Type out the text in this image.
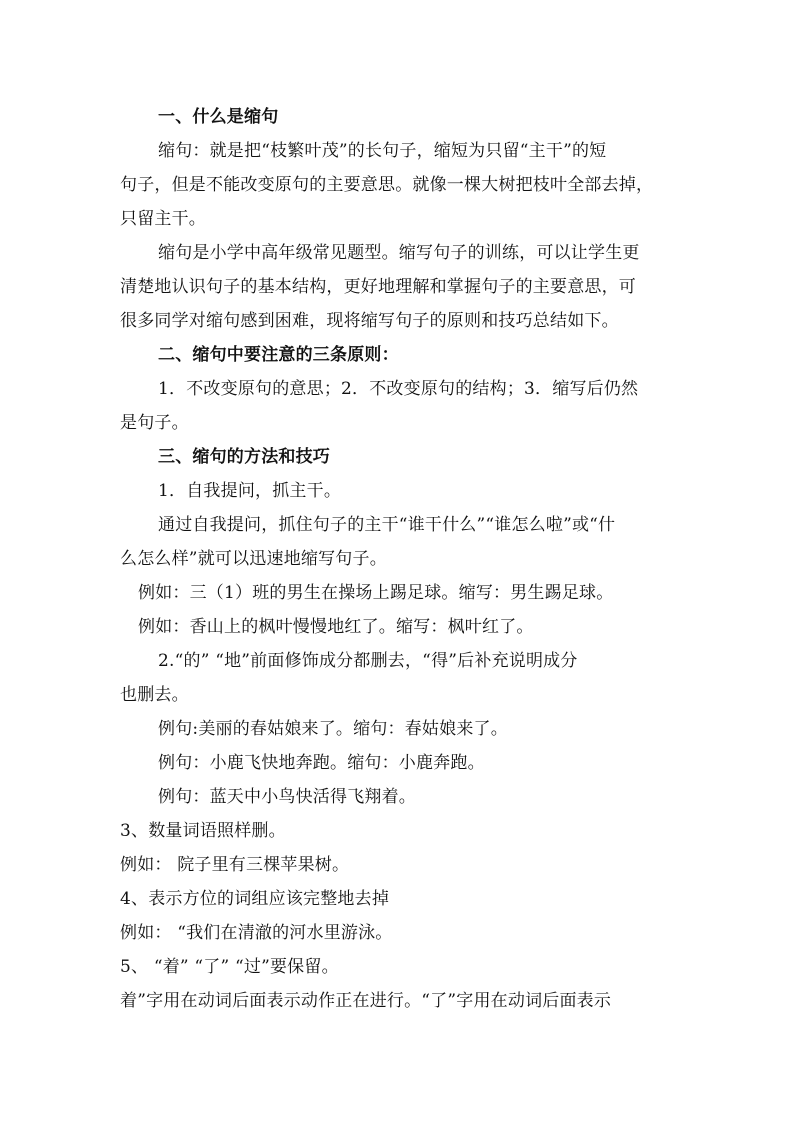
一、什么是缩句
缩句：就是把“枝繁叶茂”的长句子，缩短为只留“主干”的短
句子，但是不能改变原句的主要意思。就像一棵大树把枝叶全部去掉，
只留主干。
缩句是小学中高年级常见题型。缩写句子的训练，可以让学生更
清楚地认识句子的基本结构，更好地理解和掌握句子的主要意思，可
很多同学对缩句感到困难，现将缩写句子的原则和技巧总结如下。
二、缩句中要注意的三条原则：
1．不改变原句的意思；2．不改变原句的结构；3．缩写后仍然
是句子。
三、缩句的方法和技巧
1．自我提问，抓主干。
通过自我提问，抓住句子的主干“谁干什么”“谁怎么啦”或“什
么怎么样”就可以迅速地缩写句子。
例如：三（1）班的男生在操场上踢足球。缩写：男生踢足球。
例如：香山上的枫叶慢慢地红了。缩写：枫叶红了。
2.“的” “地”前面修饰成分都删去，“得”后补充说明成分
也删去。
例句:美丽的春姑娘来了。缩句：春姑娘来了。
例句：小鹿飞快地奔跑。缩句：小鹿奔跑。
例句：蓝天中小鸟快活得飞翔着。
3、数量词语照样删。
例如： 院子里有三棵苹果树。
4、表示方位的词组应该完整地去掉
例如： “我们在清澈的河水里游泳。
5、 “着” “了” “过”要保留。
着”字用在动词后面表示动作正在进行。“了”字用在动词后面表示
